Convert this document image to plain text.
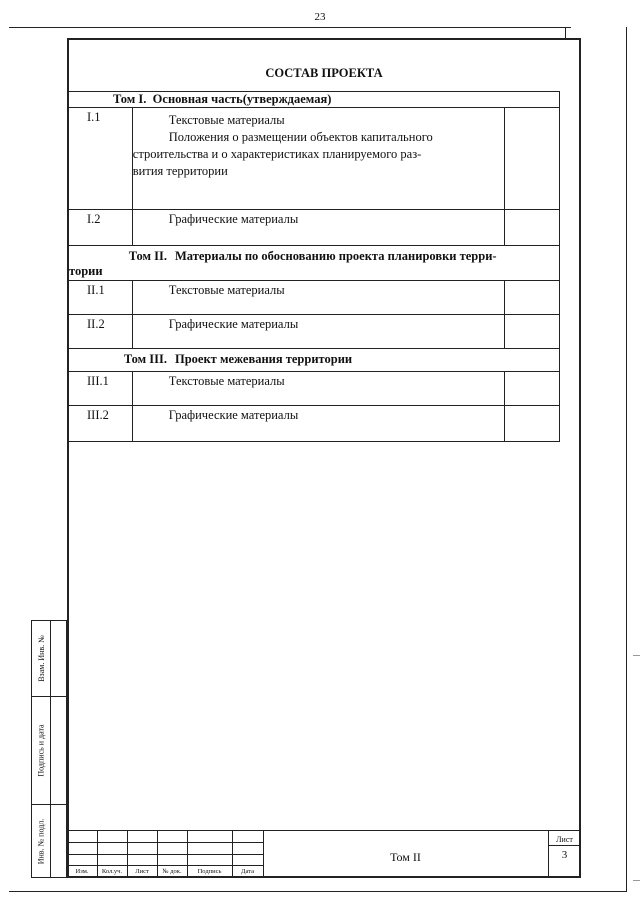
23
СОСТАВ ПРОЕКТА
Том I. Основная часть(утверждаемая)		
I.1	Текстовые материалы
Положения о размещении объектов капитального
строительства и о характеристиках планируемого раз-
вития территории	

I.2	Графические материалы	

Том II. Материалы по обоснованию проекта планировки терри-
тории		

II.1	Текстовые материалы	

II.2	Графические материалы	

Том III. Проект межевания территории		

III.1	Текстовые материалы	

III.2	Графические материалы	

Взам. Инв. №
Подпись и дата
Инв. № подл.
Изм.	Кол.уч.	Лист	№ док.	Подпись	Дата
Том II
Лист
3
